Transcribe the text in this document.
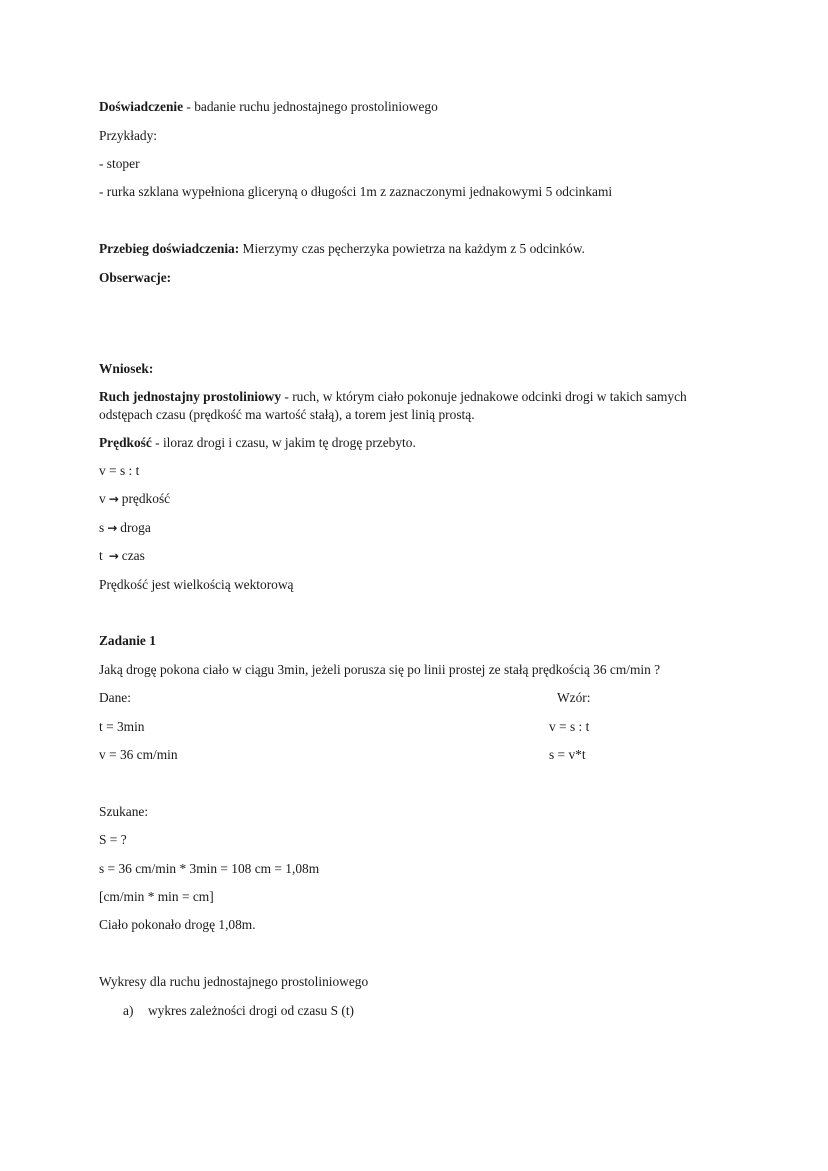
Doświadczenie - badanie ruchu jednostajnego prostoliniowego
Przykłady:
- stoper
- rurka szklana wypełniona gliceryną o długości 1m z zaznaczonymi jednakowymi 5 odcinkami
Przebieg doświadczenia: Mierzymy czas pęcherzyka powietrza na każdym z 5 odcinków.
Obserwacje:
Wniosek:
Ruch jednostajny prostoliniowy - ruch, w którym ciało pokonuje jednakowe odcinki drogi w takich samych odstępach czasu (prędkość ma wartość stałą), a torem jest linią prostą.
Prędkość - iloraz drogi i czasu, w jakim tę drogę przebyto.
v = s : t
v → prędkość
s → droga
t → czas
Prędkość jest wielkością wektorową
Zadanie 1
Jaką drogę pokona ciało w ciągu 3min, jeżeli porusza się po linii prostej ze stałą prędkością 36 cm/min ?
Dane:	Wzór:
t = 3min	v = s : t
v = 36 cm/min	s = v*t
Szukane:
S = ?
s = 36 cm/min * 3min = 108 cm = 1,08m
[cm/min * min = cm]
Ciało pokonało drogę 1,08m.
Wykresy dla ruchu jednostajnego prostoliniowego
a) wykres zależności drogi od czasu S (t)
